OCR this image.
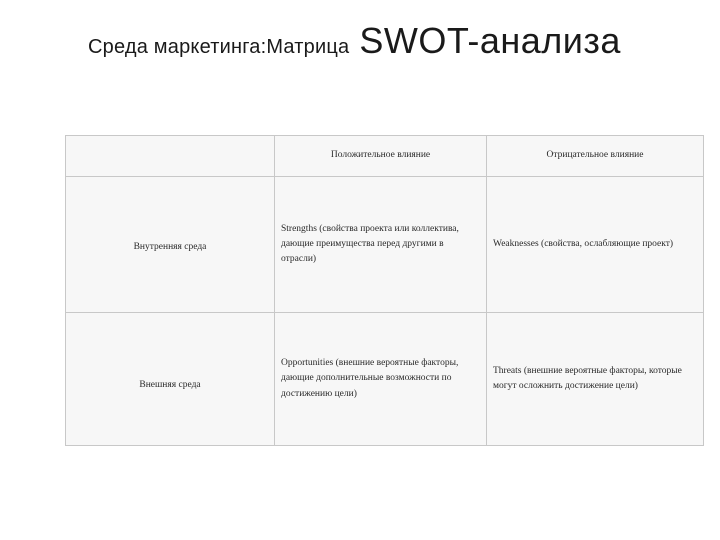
Среда маркетинга:Матрица SWOT-анализа
	Положительное влияние	Отрицательное влияние
Внутренняя среда	Strengths (свойства проекта или коллектива, дающие преимущества перед другими в отрасли)	Weaknesses (свойства, ослабляющие проект)
Внешняя среда	Opportunities (внешние вероятные факторы, дающие дополнительные возможности по достижению цели)	Threats (внешние вероятные факторы, которые могут осложнить достижение цели)
